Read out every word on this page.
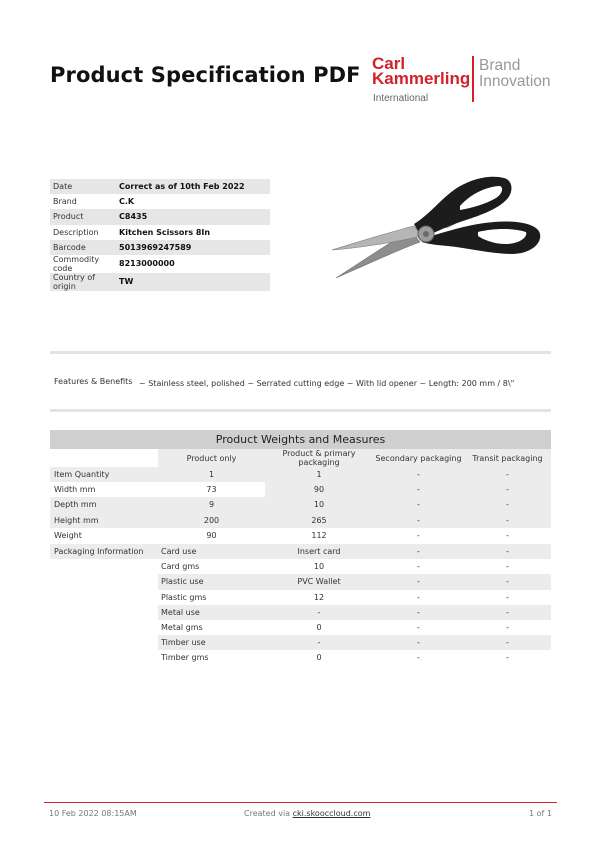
Product Specification PDF Carl
Kammerling
International
Brand
Innovation
Date	Correct as of 10th Feb 2022
Brand	C.K
Product	C8435
Description	Kitchen Scissors 8In
Barcode	5013969247589
Commodity code	8213000000
Country of origin	TW
Features & Benefits ~ Stainless steel, polished ~ Serrated cutting edge ~ With lid opener ~ Length: 200 mm / 8\"
Product Weights and Measures
	Product only	Product & primary packaging	Secondary packaging	Transit packaging
Item Quantity	1	1	-	-
Width mm	73	90	-	-
Depth mm	9	10	-	-
Height mm	200	265	-	-
Weight	90	112	-	-
Packaging Information	Card use	Insert card	-	-
	Card gms	10	-	-
	Plastic use	PVC Wallet	-	-
	Plastic gms	12	-	-
	Metal use	-	-	-
	Metal gms	0	-	-
	Timber use	-	-	-
	Timber gms	0	-	-
10 Feb 2022 08:15AM	Created via cki.skooccloud.com	1 of 1
